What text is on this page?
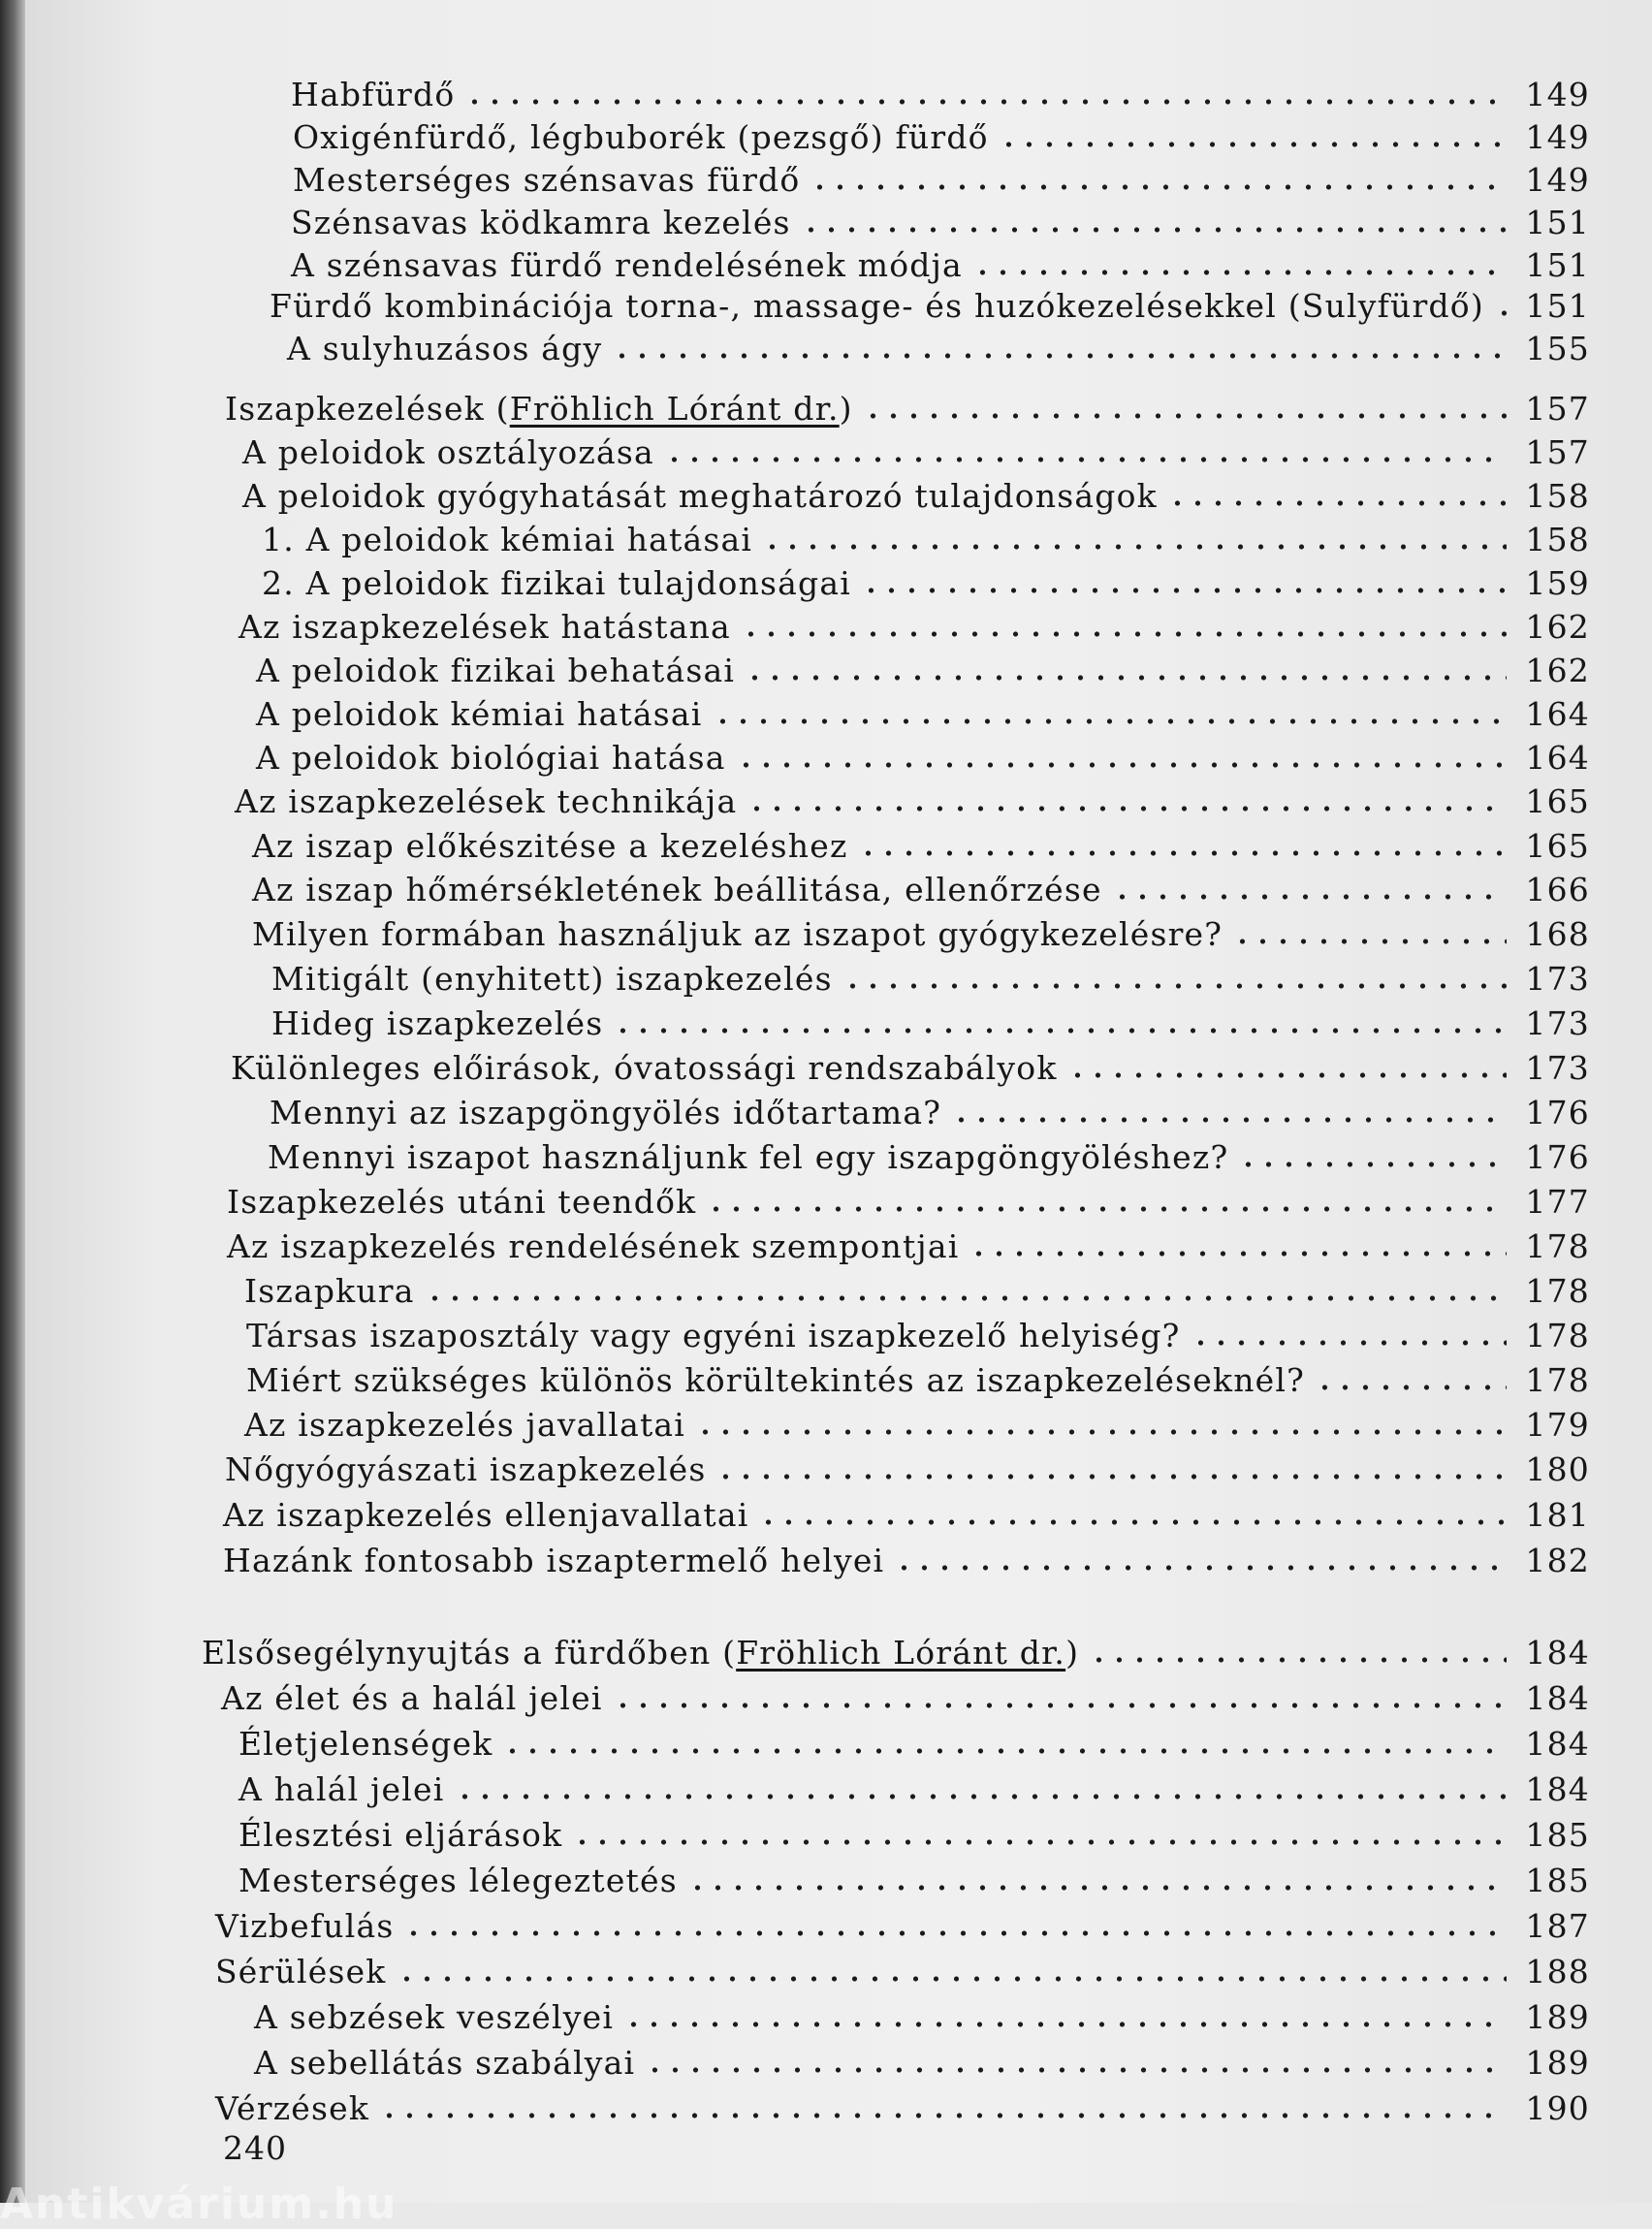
Habfürdő	149
Oxigénfürdő, légbuborék (pezsgő) fürdő	149
Mesterséges szénsavas fürdő	149
Szénsavas ködkamra kezelés	151
A szénsavas fürdő rendelésének módja	151
Fürdő kombinációja torna-, massage- és huzókezelésekkel (Sulyfürdő) 151
A sulyhuzásos ágy	155
Iszapkezelések (Fröhlich Lóránt dr.)	157
A peloidok osztályozása	157
A peloidok gyógyhatását meghatározó tulajdonságok	158
1. A peloidok kémiai hatásai	158
2. A peloidok fizikai tulajdonságai	159
Az iszapkezelések hatástana	162
A peloidok fizikai behatásai	162
A peloidok kémiai hatásai	164
A peloidok biológiai hatása	164
Az iszapkezelések technikája	165
Az iszap előkészitése a kezeléshez	165
Az iszap hőmérsékletének beállitása, ellenőrzése	166
Milyen formában használjuk az iszapot gyógykezelésre?	168
Mitigált (enyhitett) iszapkezelés	173
Hideg iszapkezelés	173
Különleges előirások, óvatossági rendszabályok	173
Mennyi az iszapgöngyölés időtartama?	176
Mennyi iszapot használjunk fel egy iszapgöngyöléshez?	176
Iszapkezelés utáni teendők	177
Az iszapkezelés rendelésének szempontjai	178
Iszapkura	178
Társas iszaposztály vagy egyéni iszapkezelő helyiség?	178
Miért szükséges különös körültekintés az iszapkezeléseknél?	178
Az iszapkezelés javallatai	179
Nőgyógyászati iszapkezelés	180
Az iszapkezelés ellenjavallatai	181
Hazánk fontosabb iszaptermelő helyei	182
Elsősegélynyujtás a fürdőben (Fröhlich Lóránt dr.)	184
Az élet és a halál jelei	184
Életjelenségek	184
A halál jelei	184
Élesztési eljárások	185
Mesterséges lélegeztetés	185
Vizbefulás	187
Sérülések	188
A sebzések veszélyei	189
A sebellátás szabályai	189
Vérzések	190
240
Antikvárium.hu
